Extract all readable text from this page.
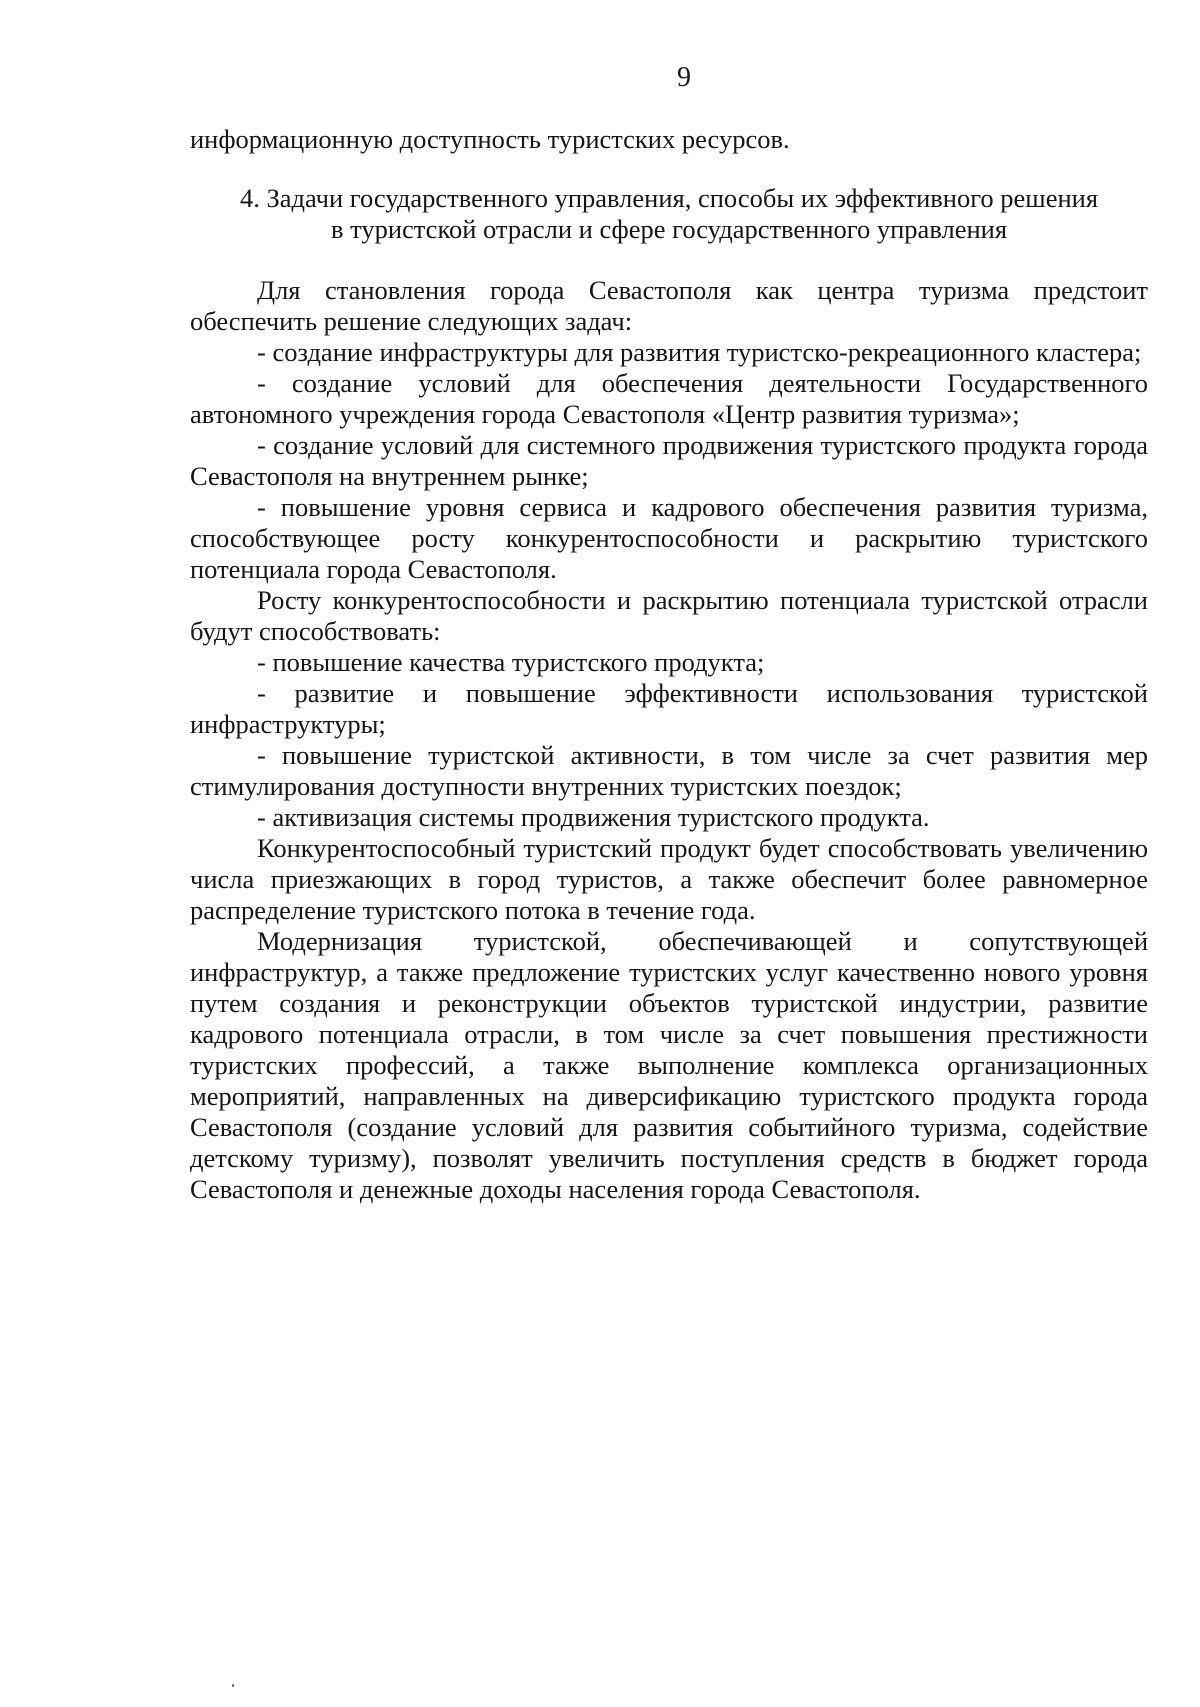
9

информационную доступность туристских ресурсов.

4. Задачи государственного управления, способы их эффективного решения
в туристской отрасли и сфере государственного управления

Для становления города Севастополя как центра туризма предстоит обеспечить решение следующих задач:

- создание инфраструктуры для развития туристско-рекреационного кластера;

- создание условий для обеспечения деятельности Государственного автономного учреждения города Севастополя «Центр развития туризма»;

- создание условий для системного продвижения туристского продукта города Севастополя на внутреннем рынке;

- повышение уровня сервиса и кадрового обеспечения развития туризма, способствующее росту конкурентоспособности и раскрытию туристского потенциала города Севастополя.

Росту конкурентоспособности и раскрытию потенциала туристской отрасли будут способствовать:

- повышение качества туристского продукта;

- развитие и повышение эффективности использования туристской инфраструктуры;

- повышение туристской активности, в том числе за счет развития мер стимулирования доступности внутренних туристских поездок;

- активизация системы продвижения туристского продукта.

Конкурентоспособный туристский продукт будет способствовать увеличению числа приезжающих в город туристов, а также обеспечит более равномерное распределение туристского потока в течение года.

Модернизация туристской, обеспечивающей и сопутствующей инфраструктур, а также предложение туристских услуг качественно нового уровня путем создания и реконструкции объектов туристской индустрии, развитие кадрового потенциала отрасли, в том числе за счет повышения престижности туристских профессий, а также выполнение комплекса организационных мероприятий, направленных на диверсификацию туристского продукта города Севастополя (создание условий для развития событийного туризма, содействие детскому туризму), позволят увеличить поступления средств в бюджет города Севастополя и денежные доходы населения города Севастополя.
